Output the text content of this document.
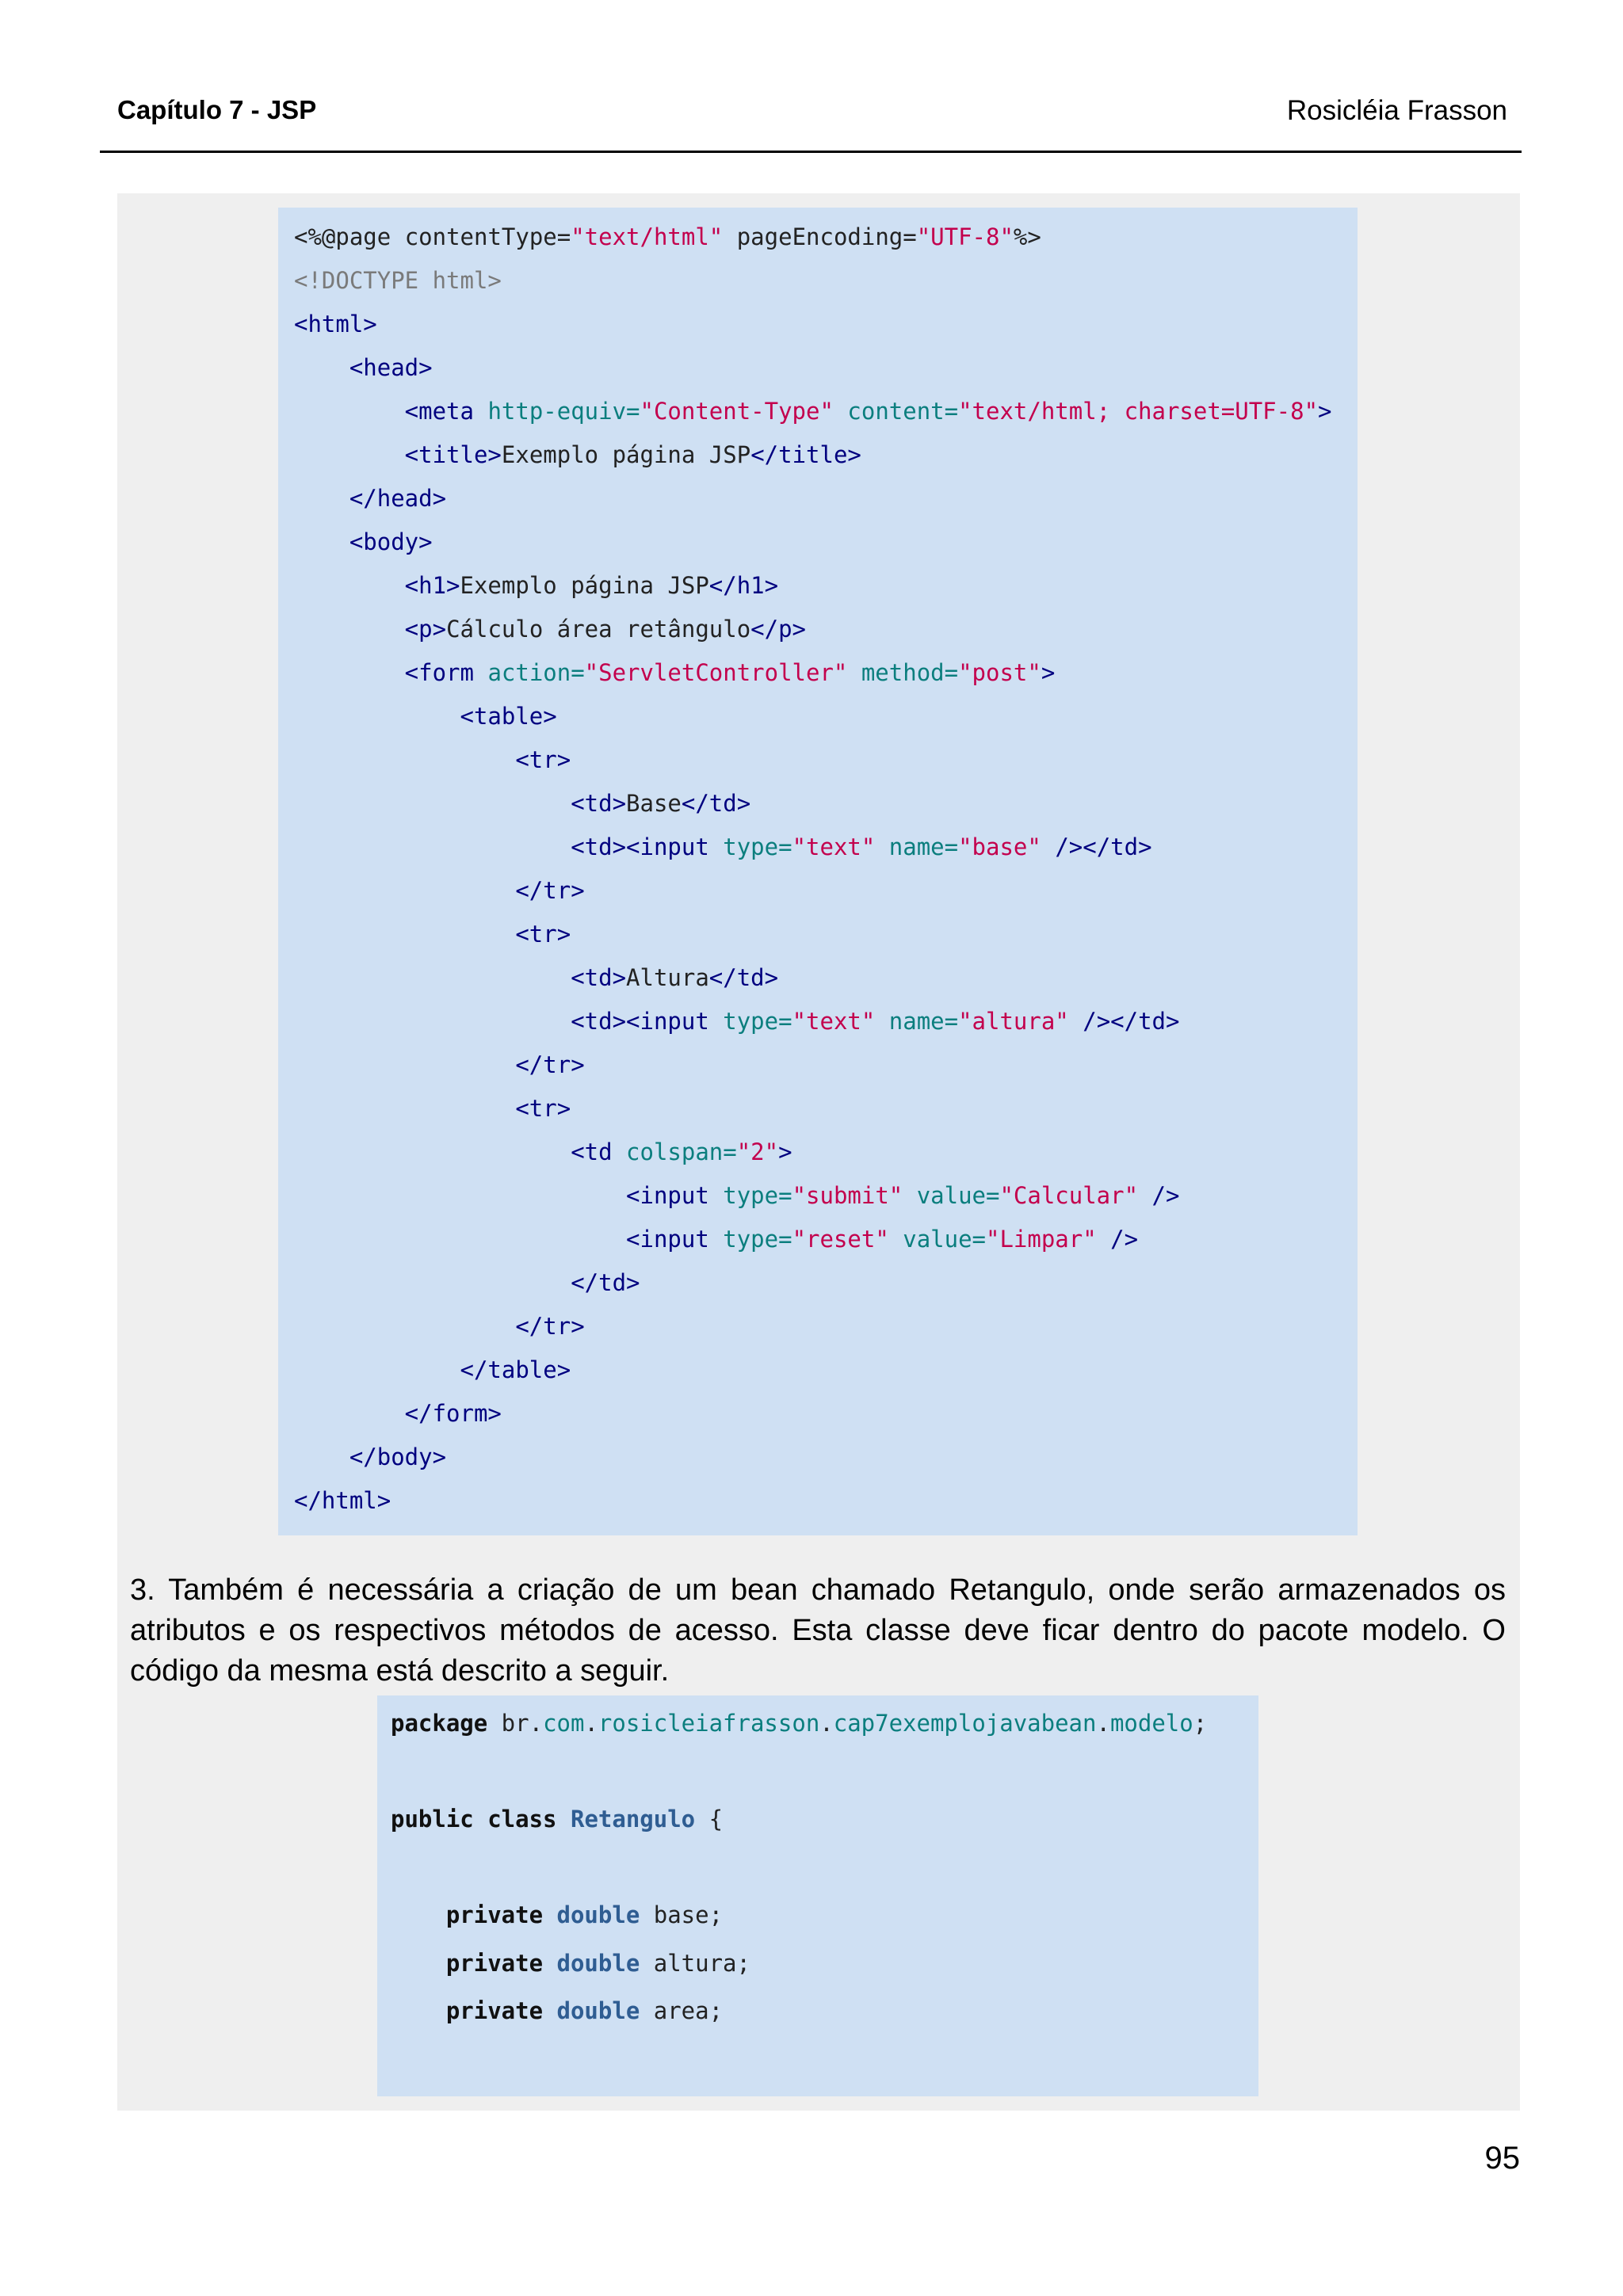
Capítulo 7 - JSP	Rosicléia Frasson
<%@page contentType="text/html" pageEncoding="UTF-8"%>
<!DOCTYPE html>
<html>
<head>
<meta http-equiv="Content-Type" content="text/html; charset=UTF-8">
<title>Exemplo página JSP</title>
</head>
<body>
<h1>Exemplo página JSP</h1>
<p>Cálculo área retângulo</p>
<form action="ServletController" method="post">
<table>
<tr>
<td>Base</td>
<td><input type="text" name="base" /></td>
</tr>
<tr>
<td>Altura</td>
<td><input type="text" name="altura" /></td>
</tr>
<tr>
<td colspan="2">
<input type="submit" value="Calcular" />
<input type="reset" value="Limpar" />
</td>
</tr>
</table>
</form>
</body>
</html>
3. Também é necessária a criação de um bean chamado Retangulo, onde serão armazenados os atributos e os respectivos métodos de acesso. Esta classe deve ficar dentro do pacote modelo. O código da mesma está descrito a seguir.
package br.com.rosicleiafrasson.cap7exemplojavabean.modelo;

public class Retangulo {

private double base;
private double altura;
private double area;
95
